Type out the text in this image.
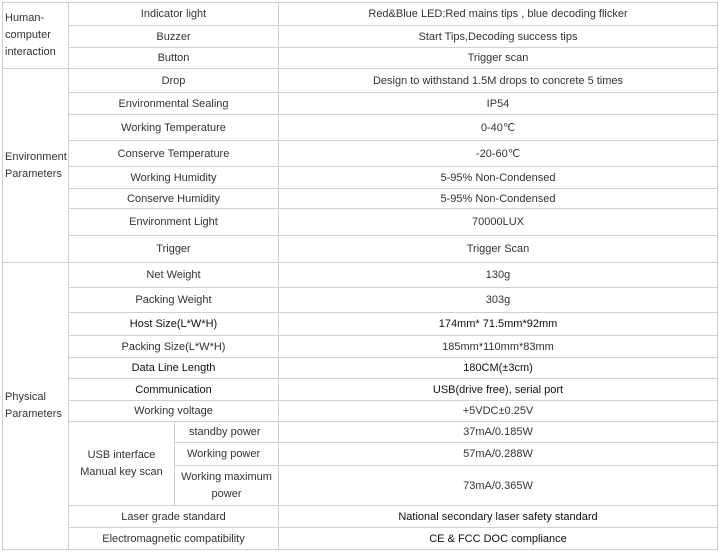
Human-computer interaction	Indicator light		Red&Blue LED:Red mains tips , blue decoding flicker
	Buzzer		Start Tips,Decoding success tips
	Button		Trigger scan
Environment Parameters	Drop		Design to withstand 1.5M drops to concrete 5 times
	Environmental Sealing		IP54
	Working Temperature		0-40℃
	Conserve Temperature		-20-60℃
	Working Humidity		5-95% Non-Condensed
	Conserve Humidity		5-95% Non-Condensed
	Environment Light		70000LUX
	Trigger		Trigger Scan
Physical Parameters	Net Weight		130g
	Packing Weight		303g
	Host Size(L*W*H)		174mm* 71.5mm*92mm
	Packing Size(L*W*H)		185mm*110mm*83mm
	Data Line Length		180CM(±3cm)
	Communication		USB(drive free), serial port
	Working voltage		+5VDC±0.25V
	USB interface Manual key scan	standby power	37mA/0.185W
		Working power	57mA/0.288W
		Working maximum power	73mA/0.365W
	Laser grade standard		National secondary laser safety standard
	Electromagnetic compatibility		CE & FCC DOC compliance
